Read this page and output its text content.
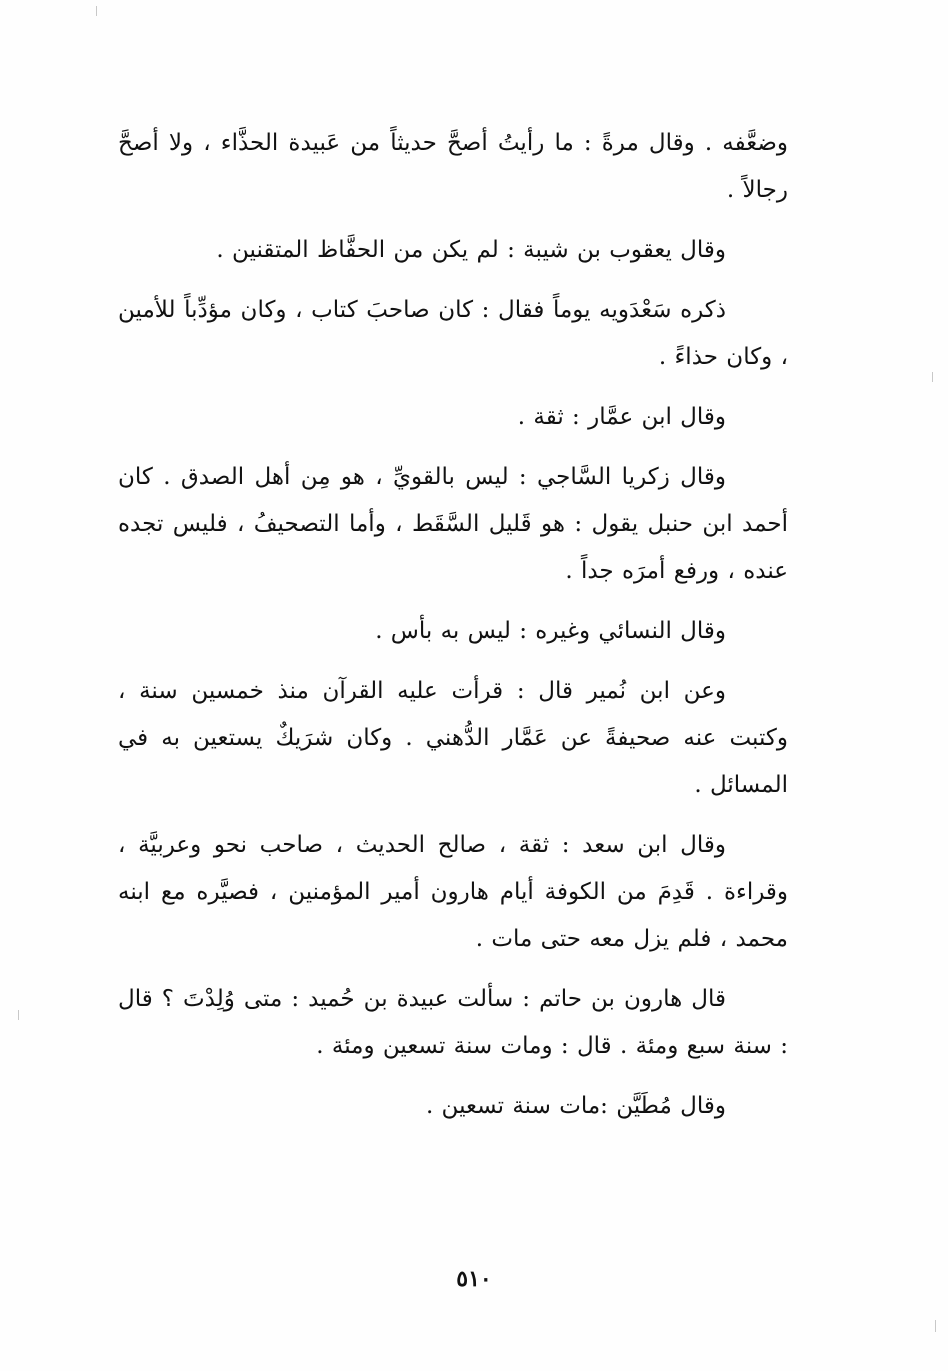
وضعَّفه . وقال مرةً : ما رأيتُ أصحَّ حديثاً من عَبيدة الحذَّاء ، ولا أصحَّ رجالاً .

وقال يعقوب بن شيبة : لم يكن من الحفَّاظ المتقنين .

ذكره سَعْدَويه يوماً فقال : كان صاحبَ كتاب ، وكان مؤدِّباً للأمين ، وكان حذاءً .

وقال ابن عمَّار : ثقة .

وقال زكريا السَّاجي : ليس بالقويِّ ، هو مِن أهل الصدق . كان أحمد ابن حنبل يقول : هو قَليل السَّقَط ، وأما التصحيفُ ، فليس تجده عنده ، ورفع أمرَه جداً .

وقال النسائي وغيره : ليس به بأس .

وعن ابن نُمير قال : قرأت عليه القرآن منذ خمسين سنة ، وكتبت عنه صحيفةً عن عَمَّار الدُّهني . وكان شرَيكٌ يستعين به في المسائل .

وقال ابن سعد : ثقة ، صالح الحديث ، صاحب نحو وعربيَّة ، وقراءة . قَدِمَ من الكوفة أيام هارون أمير المؤمنين ، فصيَّره مع ابنه محمد ، فلم يزل معه حتى مات .

قال هارون بن حاتم : سألت عبيدة بن حُميد : متى وُلِدْتَ ؟ قال : سنة سبع ومئة . قال : ومات سنة تسعين ومئة .

وقال مُطَيَّن :مات سنة تسعين .

٥١٠
